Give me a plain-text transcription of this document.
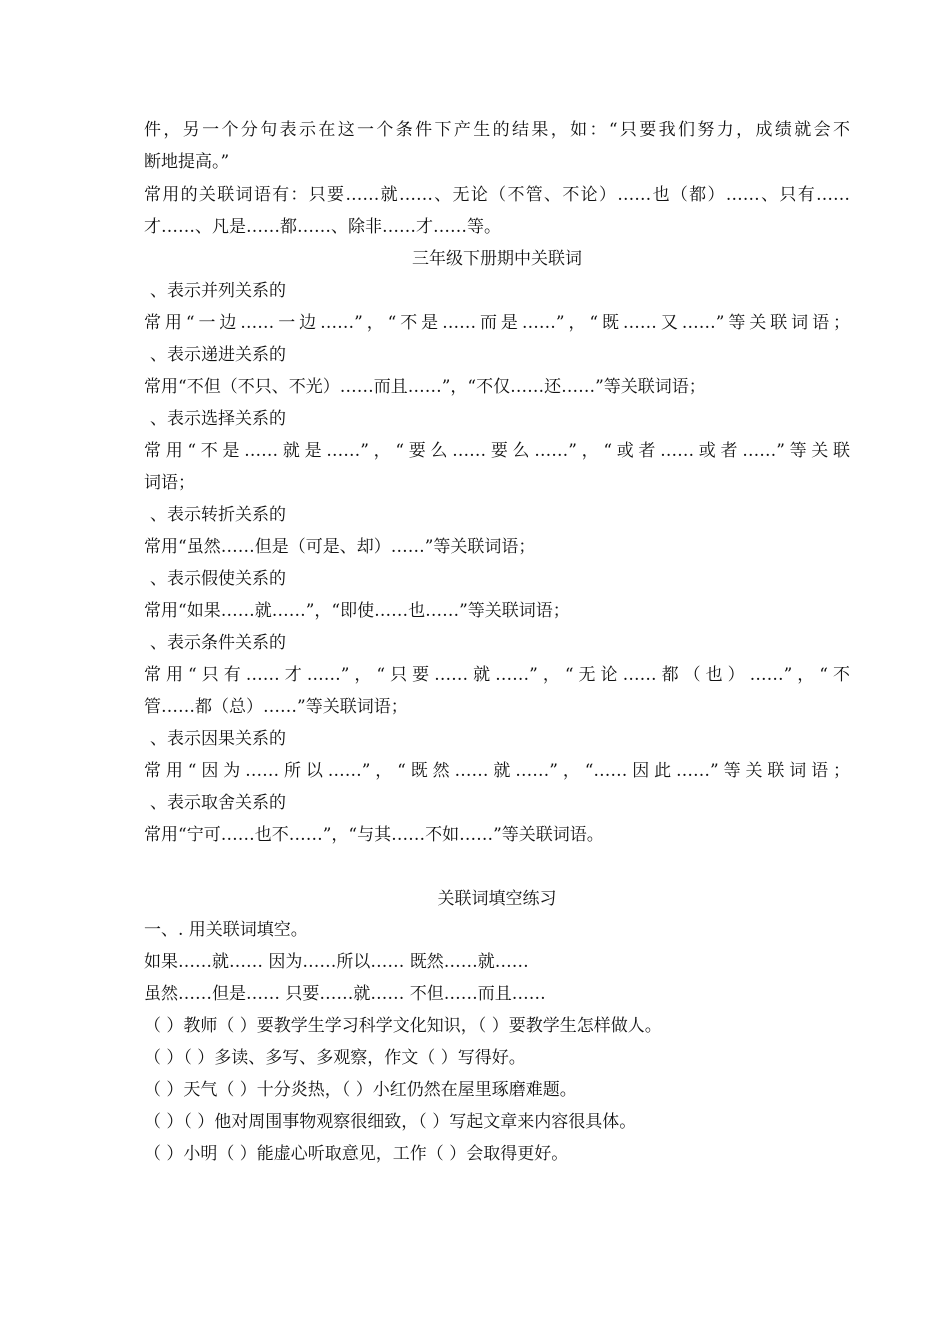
件，另一个分句表示在这一个条件下产生的结果，如：“只要我们努力，成绩就会不
断地提高。”
常用的关联词语有：只要……就……、无论（不管、不论）……也（都）……、只有……
才……、凡是……都……、除非……才……等。
三年级下册期中关联词
、表示并列关系的
常用“一边……一边……”，“不是……而是……”，“既……又……”等关联词语；
、表示递进关系的
常用“不但（不只、不光）……而且……”，“不仅……还……”等关联词语；
、表示选择关系的
常用“不是……就是……”，“要么……要么……”，“或者……或者……”等关联
词语；
、表示转折关系的
常用“虽然……但是（可是、却）……”等关联词语；
、表示假使关系的
常用“如果……就……”，“即使……也……”等关联词语；
、表示条件关系的
常用“只有……才……”，“只要……就……”，“无论……都（也）……”，“不
管……都（总）……”等关联词语；
、表示因果关系的
常用“因为……所以……”，“既然……就……”，“……因此……”等关联词语；
、表示取舍关系的
常用“宁可……也不……”，“与其……不如……”等关联词语。
关联词填空练习
一、. 用关联词填空。
如果……就…… 因为……所以…… 既然……就……
虽然……但是…… 只要……就…… 不但……而且……
（ ）教师（ ）要教学生学习科学文化知识，（ ）要教学生怎样做人。
（ ）（ ）多读、多写、多观察，作文（ ）写得好。
（ ）天气（ ）十分炎热，（ ）小红仍然在屋里琢磨难题。
（ ）（ ）他对周围事物观察很细致，（ ）写起文章来内容很具体。
（ ）小明（ ）能虚心听取意见，工作（ ）会取得更好。
